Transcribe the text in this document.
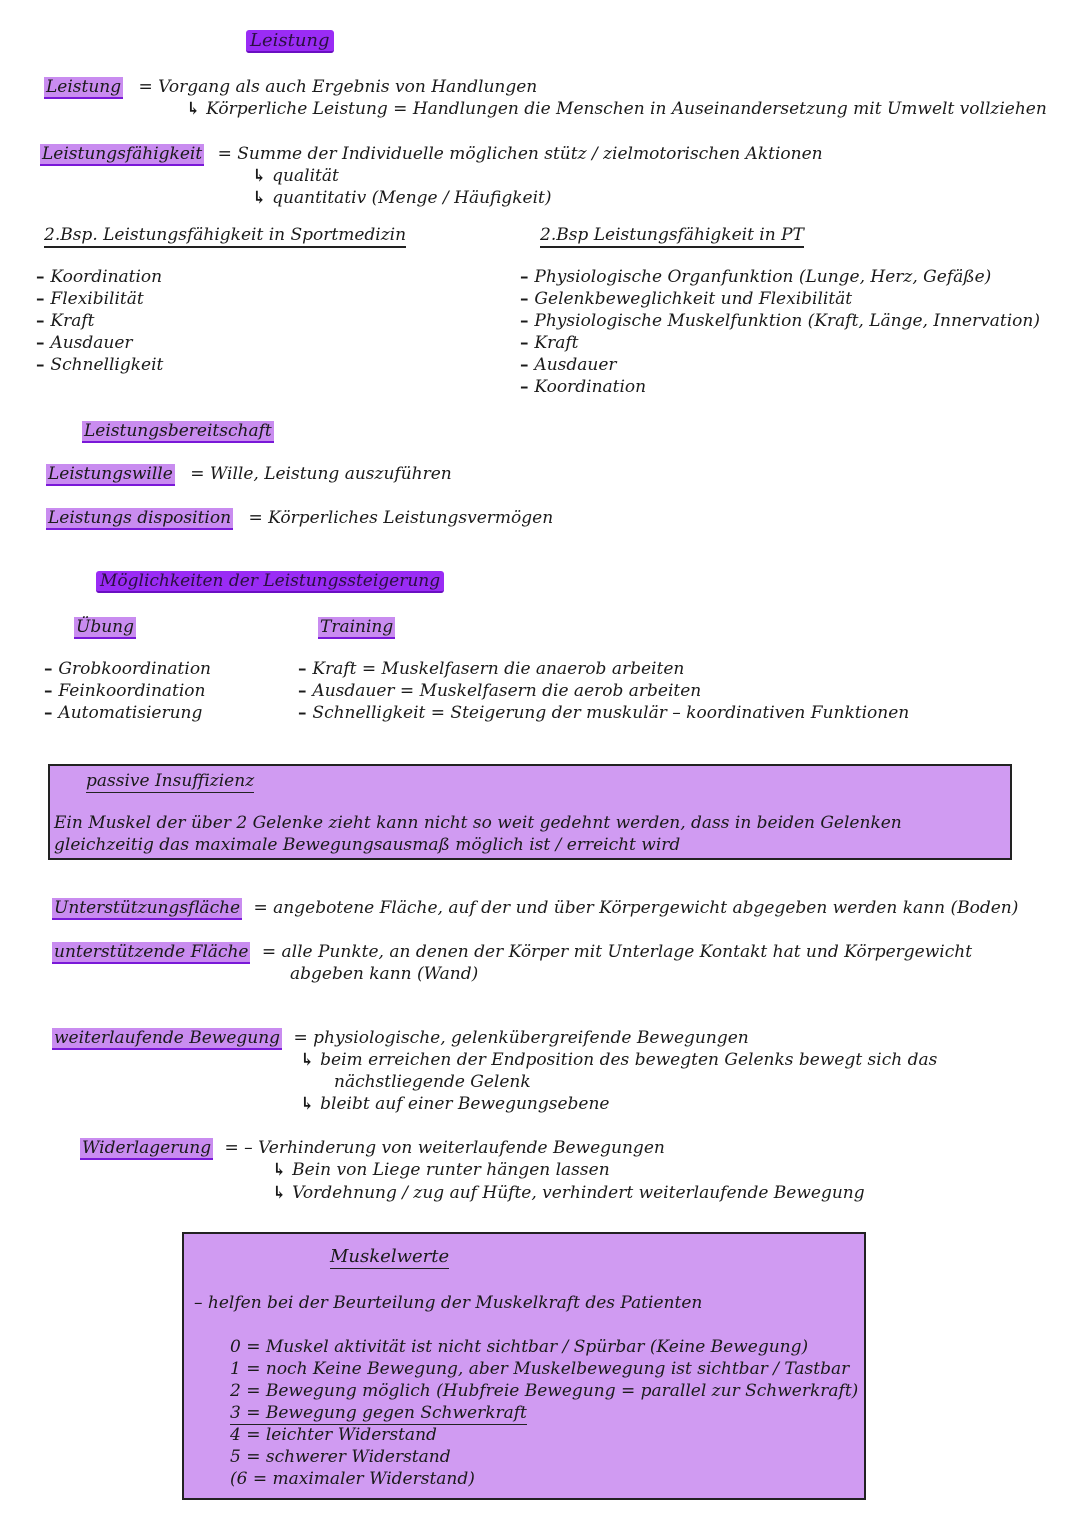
Leistung
Leistung = Vorgang als auch Ergebnis von Handlungen
↳ Körperliche Leistung = Handlungen die Menschen in Auseinandersetzung mit Umwelt vollziehen
Leistungsfähigkeit = Summe der Individuelle möglichen stütz / zielmotorischen Aktionen
↳ qualität
↳ quantitativ (Menge / Häufigkeit)
2.Bsp. Leistungsfähigkeit in Sportmedizin
– Koordination
– Flexibilität
– Kraft
– Ausdauer
– Schnelligkeit
2.Bsp Leistungsfähigkeit in PT
– Physiologische Organfunktion (Lunge, Herz, Gefäße)
– Gelenkbeweglichkeit und Flexibilität
– Physiologische Muskelfunktion (Kraft, Länge, Innervation)
– Kraft
– Ausdauer
– Koordination
Leistungsbereitschaft
Leistungswille = Wille, Leistung auszuführen
Leistungs disposition = Körperliches Leistungsvermögen
Möglichkeiten der Leistungssteigerung
Übung
– Grobkoordination
– Feinkoordination
– Automatisierung
Training
– Kraft = Muskelfasern die anaerob arbeiten
– Ausdauer = Muskelfasern die aerob arbeiten
– Schnelligkeit = Steigerung der muskulär – koordinativen Funktionen
passive Insuffizienz
Ein Muskel der über 2 Gelenke zieht kann nicht so weit gedehnt werden, dass in beiden Gelenken
gleichzeitig das maximale Bewegungsausmaß möglich ist / erreicht wird
Unterstützungsfläche = angebotene Fläche, auf der und über Körpergewicht abgegeben werden kann (Boden)
unterstützende Fläche = alle Punkte, an denen der Körper mit Unterlage Kontakt hat und Körpergewicht
abgeben kann (Wand)
weiterlaufende Bewegung = physiologische, gelenkübergreifende Bewegungen
↳ beim erreichen der Endposition des bewegten Gelenks bewegt sich das
nächstliegende Gelenk
↳ bleibt auf einer Bewegungsebene
Widerlagerung = – Verhinderung von weiterlaufende Bewegungen
↳ Bein von Liege runter hängen lassen
↳ Vordehnung / zug auf Hüfte, verhindert weiterlaufende Bewegung
Muskelwerte
– helfen bei der Beurteilung der Muskelkraft des Patienten
0 = Muskel aktivität ist nicht sichtbar / Spürbar (Keine Bewegung)
1 = noch Keine Bewegung, aber Muskelbewegung ist sichtbar / Tastbar
2 = Bewegung möglich (Hubfreie Bewegung = parallel zur Schwerkraft)
3 = Bewegung gegen Schwerkraft
4 = leichter Widerstand
5 = schwerer Widerstand
(6 = maximaler Widerstand)
